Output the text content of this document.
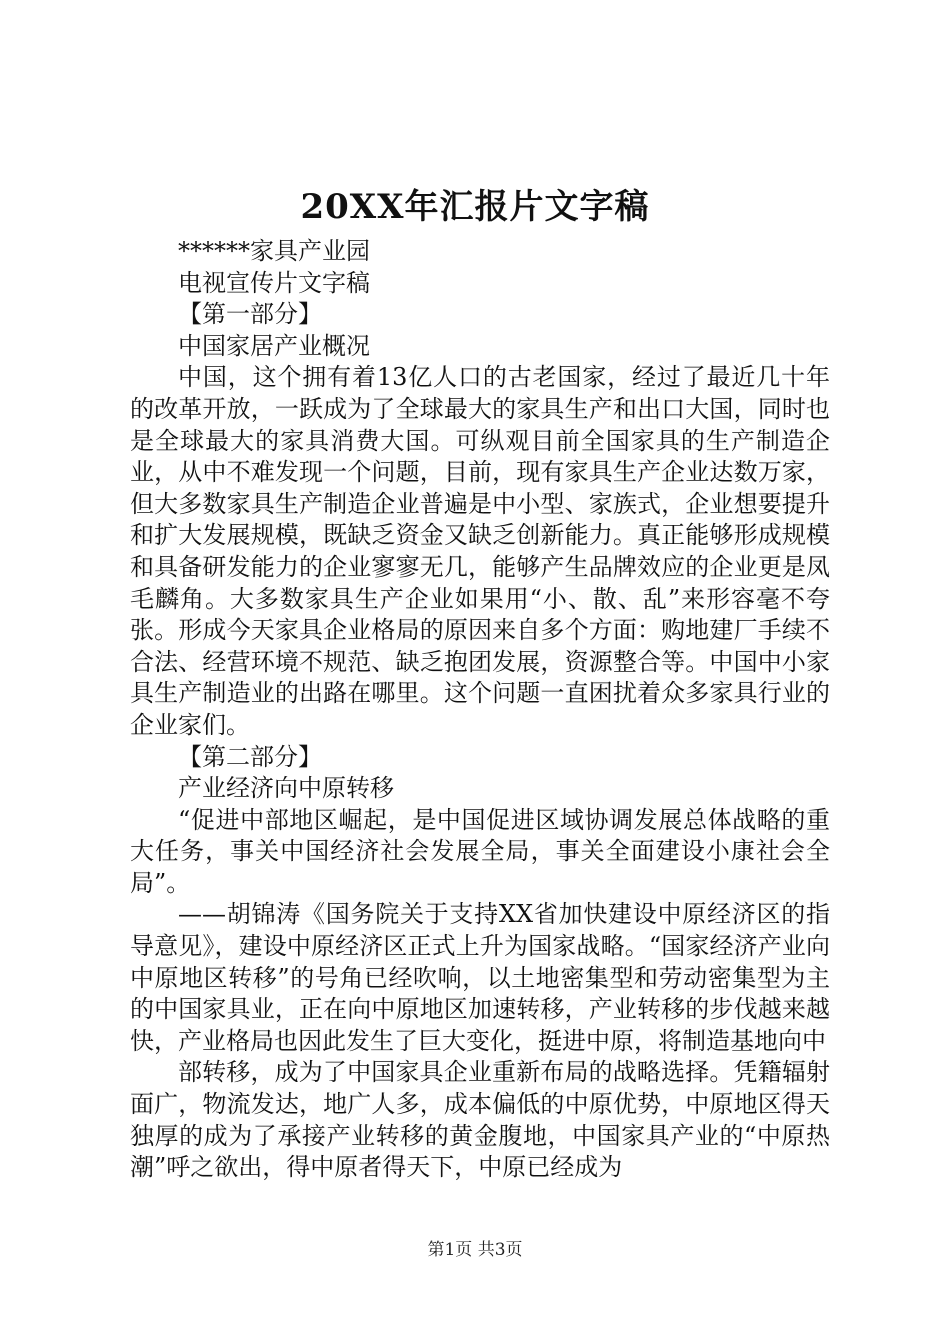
20XX年汇报片文字稿

******家具产业园

电视宣传片文字稿

【第一部分】

中国家居产业概况

中国，这个拥有着13亿人口的古老国家，经过了最近几十年的改革开放，一跃成为了全球最大的家具生产和出口大国，同时也是全球最大的家具消费大国。可纵观目前全国家具的生产制造企业，从中不难发现一个问题，目前，现有家具生产企业达数万家，但大多数家具生产制造企业普遍是中小型、家族式，企业想要提升和扩大发展规模，既缺乏资金又缺乏创新能力。真正能够形成规模和具备研发能力的企业寥寥无几，能够产生品牌效应的企业更是凤毛麟角。大多数家具生产企业如果用“小、散、乱”来形容毫不夸张。形成今天家具企业格局的原因来自多个方面：购地建厂手续不合法、经营环境不规范、缺乏抱团发展，资源整合等。中国中小家具生产制造业的出路在哪里。这个问题一直困扰着众多家具行业的企业家们。

【第二部分】

产业经济向中原转移

“促进中部地区崛起，是中国促进区域协调发展总体战略的重大任务，事关中国经济社会发展全局，事关全面建设小康社会全局”。

——胡锦涛《国务院关于支持XX省加快建设中原经济区的指导意见》，建设中原经济区正式上升为国家战略。“国家经济产业向中原地区转移”的号角已经吹响，以土地密集型和劳动密集型为主的中国家具业，正在向中原地区加速转移，产业转移的步伐越来越快，产业格局也因此发生了巨大变化，挺进中原，将制造基地向中

部转移，成为了中国家具企业重新布局的战略选择。凭籍辐射面广，物流发达，地广人多，成本偏低的中原优势，中原地区得天独厚的成为了承接产业转移的黄金腹地，中国家具产业的“中原热潮”呼之欲出，得中原者得天下，中原已经成为

第1页 共3页
